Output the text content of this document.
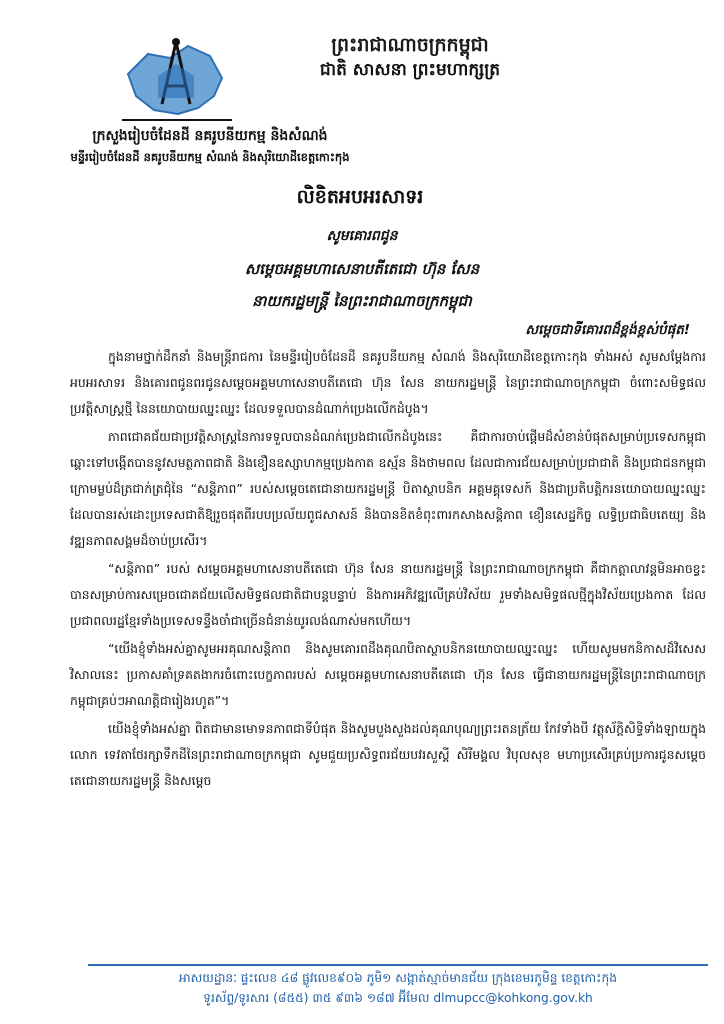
ព្រះរាជាណាចក្រកម្ពុជា
ជាតិ សាសនា ព្រះមហាក្សត្រ
ក្រសួងរៀបចំដែនដី នគរូបនីយកម្ម និងសំណង់
មន្ទីររៀបចំដែនដី នគរូបនីយកម្ម សំណង់ និងសុរិយោដីខេត្តកោះកុង
លិខិតអបអរសាទរ
សូមគោរពជូន
សម្តេចអគ្គមហាសេនាបតីតេជោ ហ៊ុន សែន
នាយករដ្ឋមន្ត្រី នៃព្រះរាជាណាចក្រកម្ពុជា
សម្តេចជាទីគោរពដ៏ខ្ពង់ខ្ពស់បំផុត!

ក្នុងនាមថ្នាក់ដឹកនាំ និងមន្ត្រីរាជការ នៃមន្ទីររៀបចំដែនដី នគរូបនីយកម្ម សំណង់ និងសុរិយោដីខេត្តកោះកុង ទាំងអស់ សូមសម្តែងការអបអរសាទរ និងគោរពជូនពរជូនសម្តេចអគ្គមហាសេនាបតីតេជោ ហ៊ុន សែន នាយករដ្ឋមន្ត្រី នៃព្រះរាជាណាចក្រកម្ពុជា ចំពោះសមិទ្ធផលប្រវត្តិសាស្ត្រថ្មី នៃនយោបាយឈ្នះឈ្នះ ដែលទទួលបានដំណាក់ប្រេងលើកដំបូង។

ភាពជោគជ័យជាប្រវត្តិសាស្ត្រនៃការទទួលបានដំណក់ប្រេងជាលើកដំបូងនេះ គឺជាការចាប់ផ្តើមដ៏សំខាន់បំផុតសម្រាប់ប្រទេសកម្ពុជា ឆ្ពោះទៅបង្កើតបាននូវសមត្ថភាពជាតិ និងខឿនឧស្សាហកម្មប្រេងកាត ឧស្ម័ន និងថាមពល ដែលជាការជ័យសម្រាប់ប្រជាជាតិ និងប្រជាជនកម្ពុជា ក្រោមម្លប់ដ៏ត្រជាក់ត្រជុំនៃ “សន្តិភាព” របស់សម្តេចតេជោនាយករដ្ឋមន្ត្រី បិតាស្ថាបនិក អគ្គមគ្គុទេសក៍ និងជាប្រតិបត្តិករនយោបាយឈ្នះឈ្នះ ដែលបានរស់ដោះប្រទេសជាតិឱ្យរួចផុតពីរបបប្រល័យពូជសាសន៍ និងបានខិតខំពុះពារកសាងសន្តិភាព ខឿនសេដ្ឋកិច្ច លទ្ធិប្រជាធិបតេយ្យ និងវឌ្ឍនភាពសង្គមដ៏ចាប់ប្រសើរ។

“សន្តិភាព” របស់ សម្តេចអគ្គមហាសេនាបតីតេជោ ហ៊ុន សែន នាយករដ្ឋមន្ត្រី នៃព្រះរាជាណាចក្រកម្ពុជា គឺជាកត្តាលាវន្តមិនអាចខ្វះបានសម្រាប់ការសម្រេចជោគជ័យលើសមិទ្ធផលជាតិជាបន្តបន្ទាប់ និងការអភិវឌ្ឍលើគ្រប់វិស័យ រួមទាំងសមិទ្ធផលថ្មីក្នុងវិស័យប្រេងកាត ដែលប្រជាពលរដ្ឋខ្មែរទាំងប្រទេសទន្ទឹងចាំជាច្រើនជំនាន់យូរលង់ណាស់មកហើយ។

“យើងខ្ញុំទាំងអស់គ្នាសូមអរគុណសន្តិភាព និងសូមគោរពដឹងគុណបិតាស្ថាបនិកនយោបាយឈ្នះឈ្នះ ហើយសូមមកនិកាសដ៏វិសេសវិសាលនេះ ប្រកាសគាំទ្រគតងាករចំពោះបេក្ខភាពរបស់ សម្តេចអគ្គមហាសេនាបតីតេជោ ហ៊ុន សែន ធ្វើជានាយករដ្ឋមន្ត្រីនៃព្រះរាជាណាចក្រកម្ពុជាគ្រប់ៗអាណត្តិជារៀងរហូត”។

យើងខ្ញុំទាំងអស់គ្នា ពិតជាមានមោទនភាពជាទីបំផុត និងសូមបួងសួងដល់គុណបុណ្យព្រះរតនត្រ័យ កែវទាំងបី វត្ថុស័ក្តិសិទ្ធិទាំងឡាយក្នុងលោក ទេវតាថែរក្សាទឹកដីនៃព្រះរាជាណាចក្រកម្ពុជា សូមជួយប្រសិទ្ធពរជ័យបវរសួស្តី សិរីមង្គល វិបុលសុខ មហាប្រសើរគ្រប់ប្រការជូនសម្តេចតេជោនាយករដ្ឋមន្ត្រី និងសម្តេច

អាសយដ្ឋានៈ ផ្ទះលេខ ៤៨ ផ្លូវលេខ៩០៦ ភូមិ១ សង្កាត់ស្មាច់មានជ័យ ក្រុងខេមរភូមិន្ទ ខេត្តកោះកុង
ទូរស័ព្ទ/ទូរសារ (៨៥៥) ៣៥ ៩៣៦ ១៨៧ អ៊ីមែល dlmupcc@kohkong.gov.kh
